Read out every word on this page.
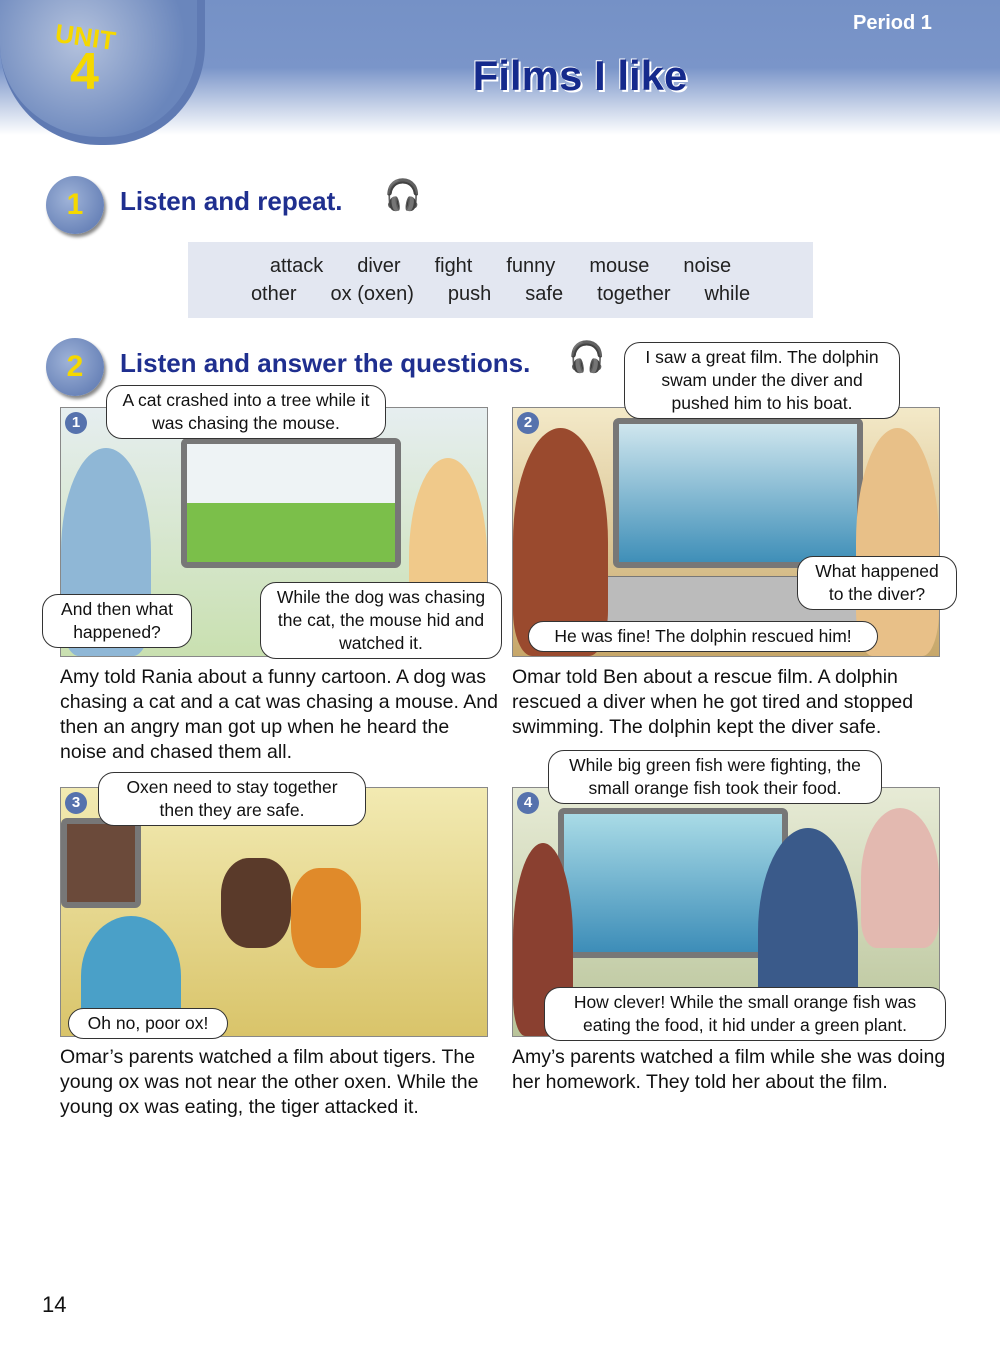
UNIT
4
Period 1
Films I like
1	Listen and repeat. 🎧
attack diver fight funny mouse noise
other ox (oxen) push safe together while
2	Listen and answer the questions. 🎧
1
A cat crashed into a tree while it was chasing the mouse.
And then what happened?
While the dog was chasing the cat, the mouse hid and watched it.
Amy told Rania about a funny cartoon. A dog was chasing a cat and a cat was chasing a mouse. And then an angry man got up when he heard the noise and chased them all.
2
I saw a great film. The dolphin swam under the diver and pushed him to his boat.
What happened to the diver?
He was fine! The dolphin rescued him!
Omar told Ben about a rescue film. A dolphin rescued a diver when he got tired and stopped swimming. The dolphin kept the diver safe.
3
Oxen need to stay together then they are safe.
Oh no, poor ox!
Omar’s parents watched a film about tigers. The young ox was not near the other oxen. While the young ox was eating, the tiger attacked it.
4
While big green fish were fighting, the small orange fish took their food.
How clever! While the small orange fish was eating the food, it hid under a green plant.
Amy’s parents watched a film while she was doing her homework. They told her about the film.
14
